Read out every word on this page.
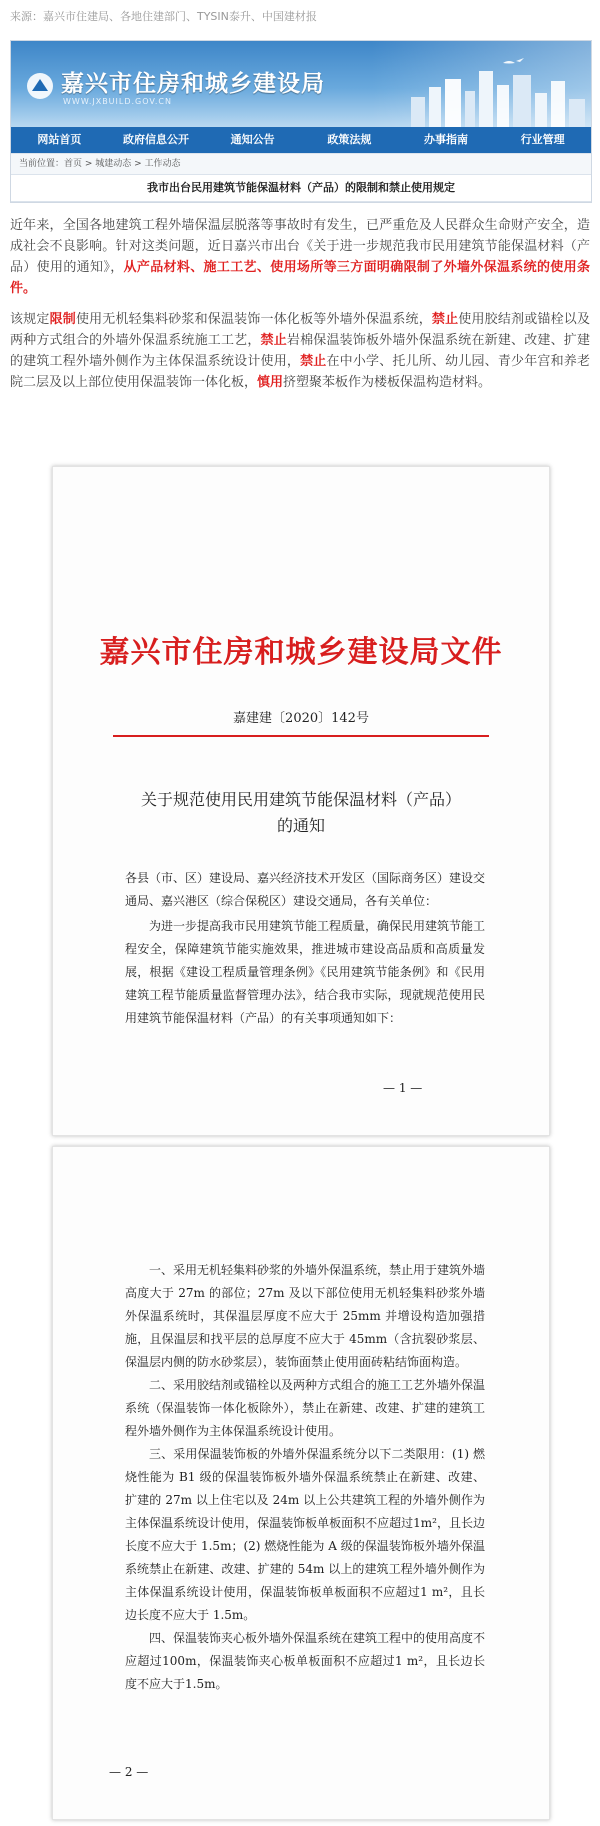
来源：嘉兴市住建局、各地住建部门、TYSIN泰升、中国建材报
嘉兴市住房和城乡建设局
WWW.JXBUILD.GOV.CN
网站首页	政府信息公开	通知公告	政策法规	办事指南	行业管理
当前位置：首页 > 城建动态 > 工作动态
我市出台民用建筑节能保温材料（产品）的限制和禁止使用规定

近年来，全国各地建筑工程外墙保温层脱落等事故时有发生，已严重危及人民群众生命财产安全，造成社会不良影响。针对这类问题，近日嘉兴市出台《关于进一步规范我市民用建筑节能保温材料（产品）使用的通知》，从产品材料、施工工艺、使用场所等三方面明确限制了外墙外保温系统的使用条件。

该规定限制使用无机轻集料砂浆和保温装饰一体化板等外墙外保温系统，禁止使用胶结剂或锚栓以及两种方式组合的外墙外保温系统施工工艺，禁止岩棉保温装饰板外墙外保温系统在新建、改建、扩建的建筑工程外墙外侧作为主体保温系统设计使用，禁止在中小学、托儿所、幼儿园、青少年宫和养老院二层及以上部位使用保温装饰一体化板，慎用挤塑聚苯板作为楼板保温构造材料。

嘉兴市住房和城乡建设局文件
嘉建建〔2020〕142号
关于规范使用民用建筑节能保温材料（产品）
的通知
各县（市、区）建设局、嘉兴经济技术开发区（国际商务区）建设交通局、嘉兴港区（综合保税区）建设交通局，各有关单位：
为进一步提高我市民用建筑节能工程质量，确保民用建筑节能工程安全，保障建筑节能实施效果，推进城市建设高品质和高质量发展，根据《建设工程质量管理条例》《民用建筑节能条例》和《民用建筑工程节能质量监督管理办法》，结合我市实际，现就规范使用民用建筑节能保温材料（产品）的有关事项通知如下：
— 1 —

一、采用无机轻集料砂浆的外墙外保温系统，禁止用于建筑外墙高度大于 27m 的部位；27m 及以下部位使用无机轻集料砂浆外墙外保温系统时，其保温层厚度不应大于 25mm 并增设构造加强措施，且保温层和找平层的总厚度不应大于 45mm（含抗裂砂浆层、保温层内侧的防水砂浆层），装饰面禁止使用面砖粘结饰面构造。

二、采用胶结剂或锚栓以及两种方式组合的施工工艺外墙外保温系统（保温装饰一体化板除外），禁止在新建、改建、扩建的建筑工程外墙外侧作为主体保温系统设计使用。

三、采用保温装饰板的外墙外保温系统分以下二类限用：(1) 燃烧性能为 B1 级的保温装饰板外墙外保温系统禁止在新建、改建、扩建的 27m 以上住宅以及 24m 以上公共建筑工程的外墙外侧作为主体保温系统设计使用，保温装饰板单板面积不应超过1m²，且长边长度不应大于 1.5m；(2) 燃烧性能为 A 级的保温装饰板外墙外保温系统禁止在新建、改建、扩建的 54m 以上的建筑工程外墙外侧作为主体保温系统设计使用，保温装饰板单板面积不应超过1 m²，且长边长度不应大于 1.5m。

四、保温装饰夹心板外墙外保温系统在建筑工程中的使用高度不应超过100m，保温装饰夹心板单板面积不应超过1 m²，且长边长度不应大于1.5m。

— 2 —
